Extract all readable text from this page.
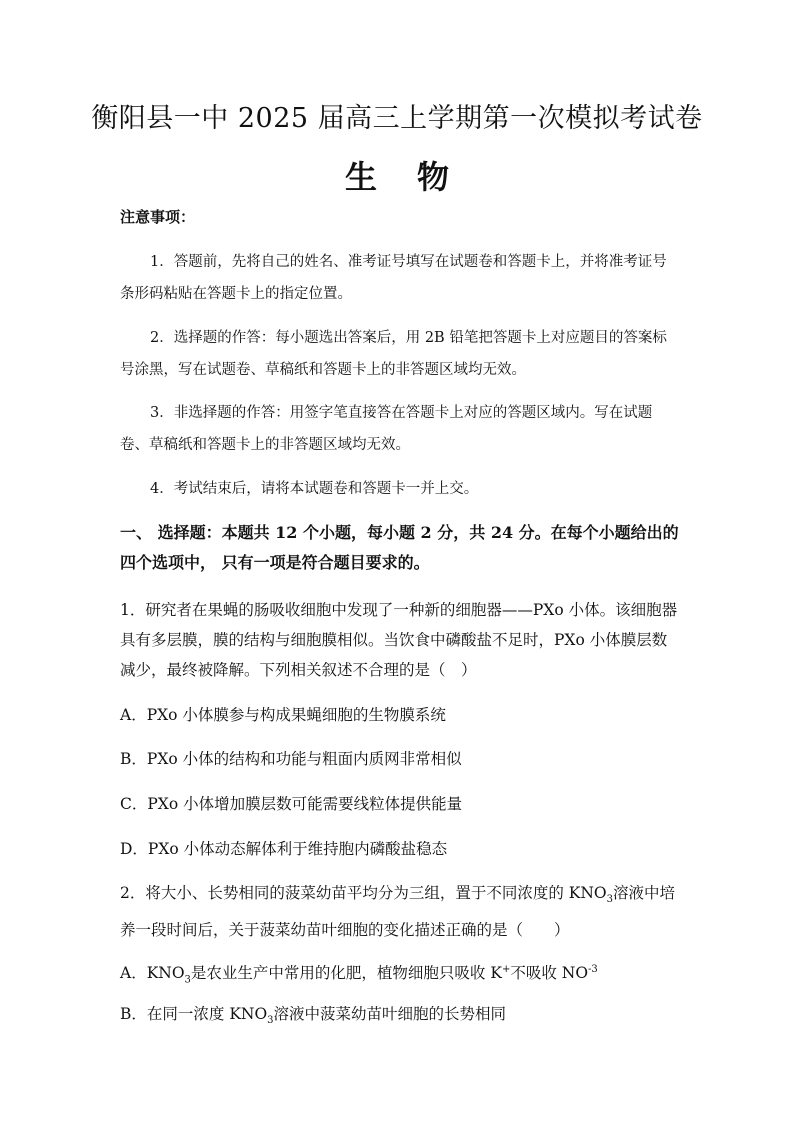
衡阳县一中 2025 届高三上学期第一次模拟考试卷
生物
注意事项：
1．答题前，先将自己的姓名、准考证号填写在试题卷和答题卡上，并将准考证号条形码粘贴在答题卡上的指定位置。
2．选择题的作答：每小题选出答案后，用 2B 铅笔把答题卡上对应题目的答案标号涂黑，写在试题卷、草稿纸和答题卡上的非答题区域均无效。
3．非选择题的作答：用签字笔直接答在答题卡上对应的答题区域内。写在试题卷、草稿纸和答题卡上的非答题区域均无效。
4．考试结束后，请将本试题卷和答题卡一并上交。
一、 选择题：本题共 12 个小题，每小题 2 分，共 24 分。在每个小题给出的四个选项中， 只有一项是符合题目要求的。
1．研究者在果蝇的肠吸收细胞中发现了一种新的细胞器——PXo 小体。该细胞器具有多层膜，膜的结构与细胞膜相似。当饮食中磷酸盐不足时，PXo 小体膜层数减少，最终被降解。下列相关叙述不合理的是（　）
A．PXo 小体膜参与构成果蝇细胞的生物膜系统
B．PXo 小体的结构和功能与粗面内质网非常相似
C．PXo 小体增加膜层数可能需要线粒体提供能量
D．PXo 小体动态解体利于维持胞内磷酸盐稳态
2．将大小、长势相同的菠菜幼苗平均分为三组，置于不同浓度的 $KNO_3$溶液中培养一段时间后，关于菠菜幼苗叶细胞的变化描述正确的是（　　）
A．$KNO_3$是农业生产中常用的化肥，植物细胞只吸收 K+不吸收 $NO^{-3}$
B．在同一浓度 $KNO_3$溶液中菠菜幼苗叶细胞的长势相同
